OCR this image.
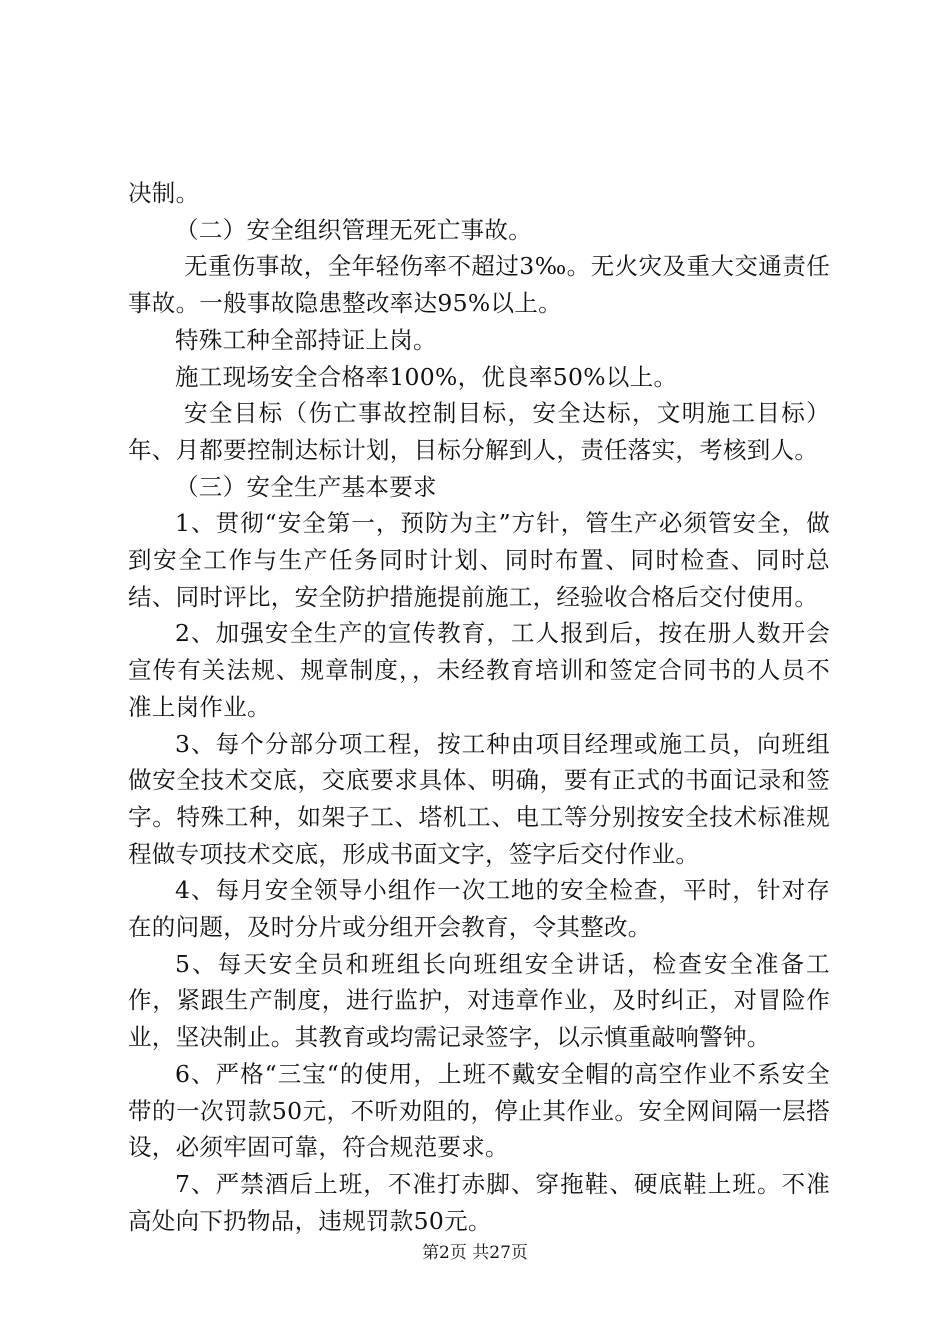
决制。

（二）安全组织管理无死亡事故。

无重伤事故，全年轻伤率不超过3‰。无火灾及重大交通责任事故。一般事故隐患整改率达95%以上。

特殊工种全部持证上岗。

施工现场安全合格率100%，优良率50%以上。

安全目标（伤亡事故控制目标，安全达标，文明施工目标）年、月都要控制达标计划，目标分解到人，责任落实，考核到人。

（三）安全生产基本要求

1、贯彻“安全第一，预防为主”方针，管生产必须管安全，做到安全工作与生产任务同时计划、同时布置、同时检查、同时总结、同时评比，安全防护措施提前施工，经验收合格后交付使用。

2、加强安全生产的宣传教育，工人报到后，按在册人数开会宣传有关法规、规章制度，，未经教育培训和签定合同书的人员不准上岗作业。

3、每个分部分项工程，按工种由项目经理或施工员，向班组做安全技术交底，交底要求具体、明确，要有正式的书面记录和签字。特殊工种，如架子工、塔机工、电工等分别按安全技术标准规程做专项技术交底，形成书面文字，签字后交付作业。

4、每月安全领导小组作一次工地的安全检查，平时，针对存在的问题，及时分片或分组开会教育，令其整改。

5、每天安全员和班组长向班组安全讲话，检查安全准备工作，紧跟生产制度，进行监护，对违章作业，及时纠正，对冒险作业，坚决制止。其教育或均需记录签字，以示慎重敲响警钟。

6、严格“三宝“的使用，上班不戴安全帽的高空作业不系安全带的一次罚款50元，不听劝阻的，停止其作业。安全网间隔一层搭设，必须牢固可靠，符合规范要求。

7、严禁酒后上班，不准打赤脚、穿拖鞋、硬底鞋上班。不准高处向下扔物品，违规罚款50元。

第2页 共27页
